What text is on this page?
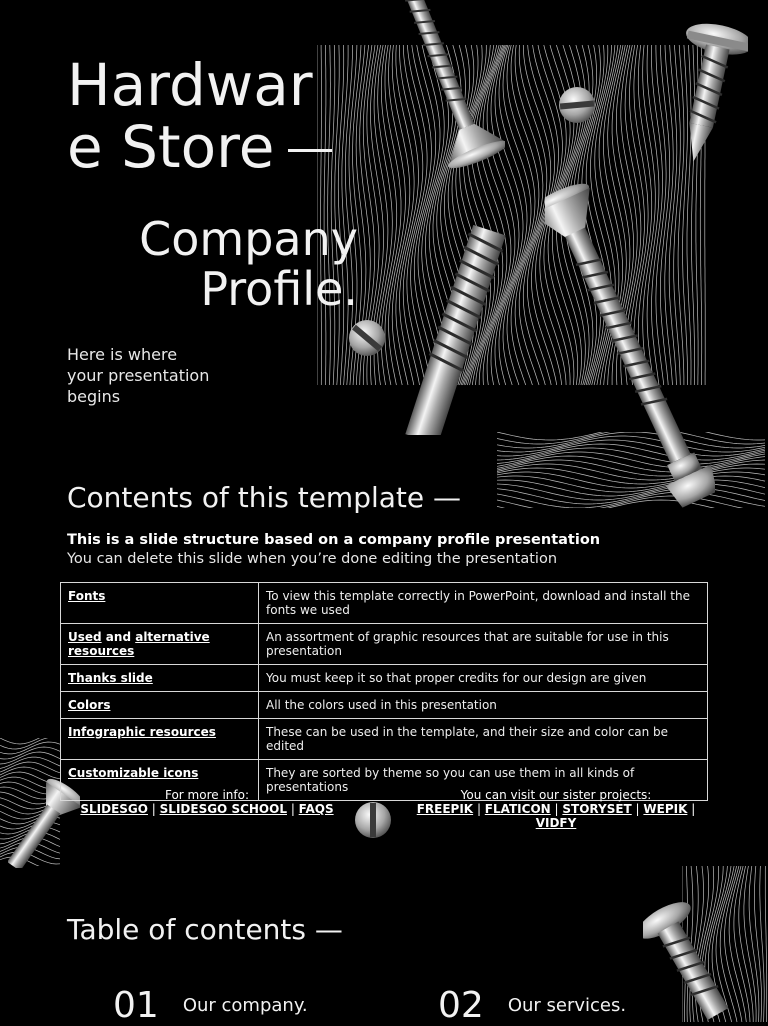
Hardwar
e Store
Company
Profile.
Here is where your presentation begins
Contents of this template —
This is a slide structure based on a company profile presentation
You can delete this slide when you’re done editing the presentation
Fonts	To view this template correctly in PowerPoint, download and install the fonts we used
Used and alternative resources	An assortment of graphic resources that are suitable for use in this presentation
Thanks slide	You must keep it so that proper credits for our design are given
Colors	All the colors used in this presentation
Infographic resources	These can be used in the template, and their size and color can be edited
Customizable icons	They are sorted by theme so you can use them in all kinds of presentations
For more info:
SLIDESGO | SLIDESGO SCHOOL | FAQS
You can visit our sister projects:
FREEPIK | FLATICON | STORYSET | WEPIK |
VIDFY
Table of contents —
01 Our company.	02 Our services.
